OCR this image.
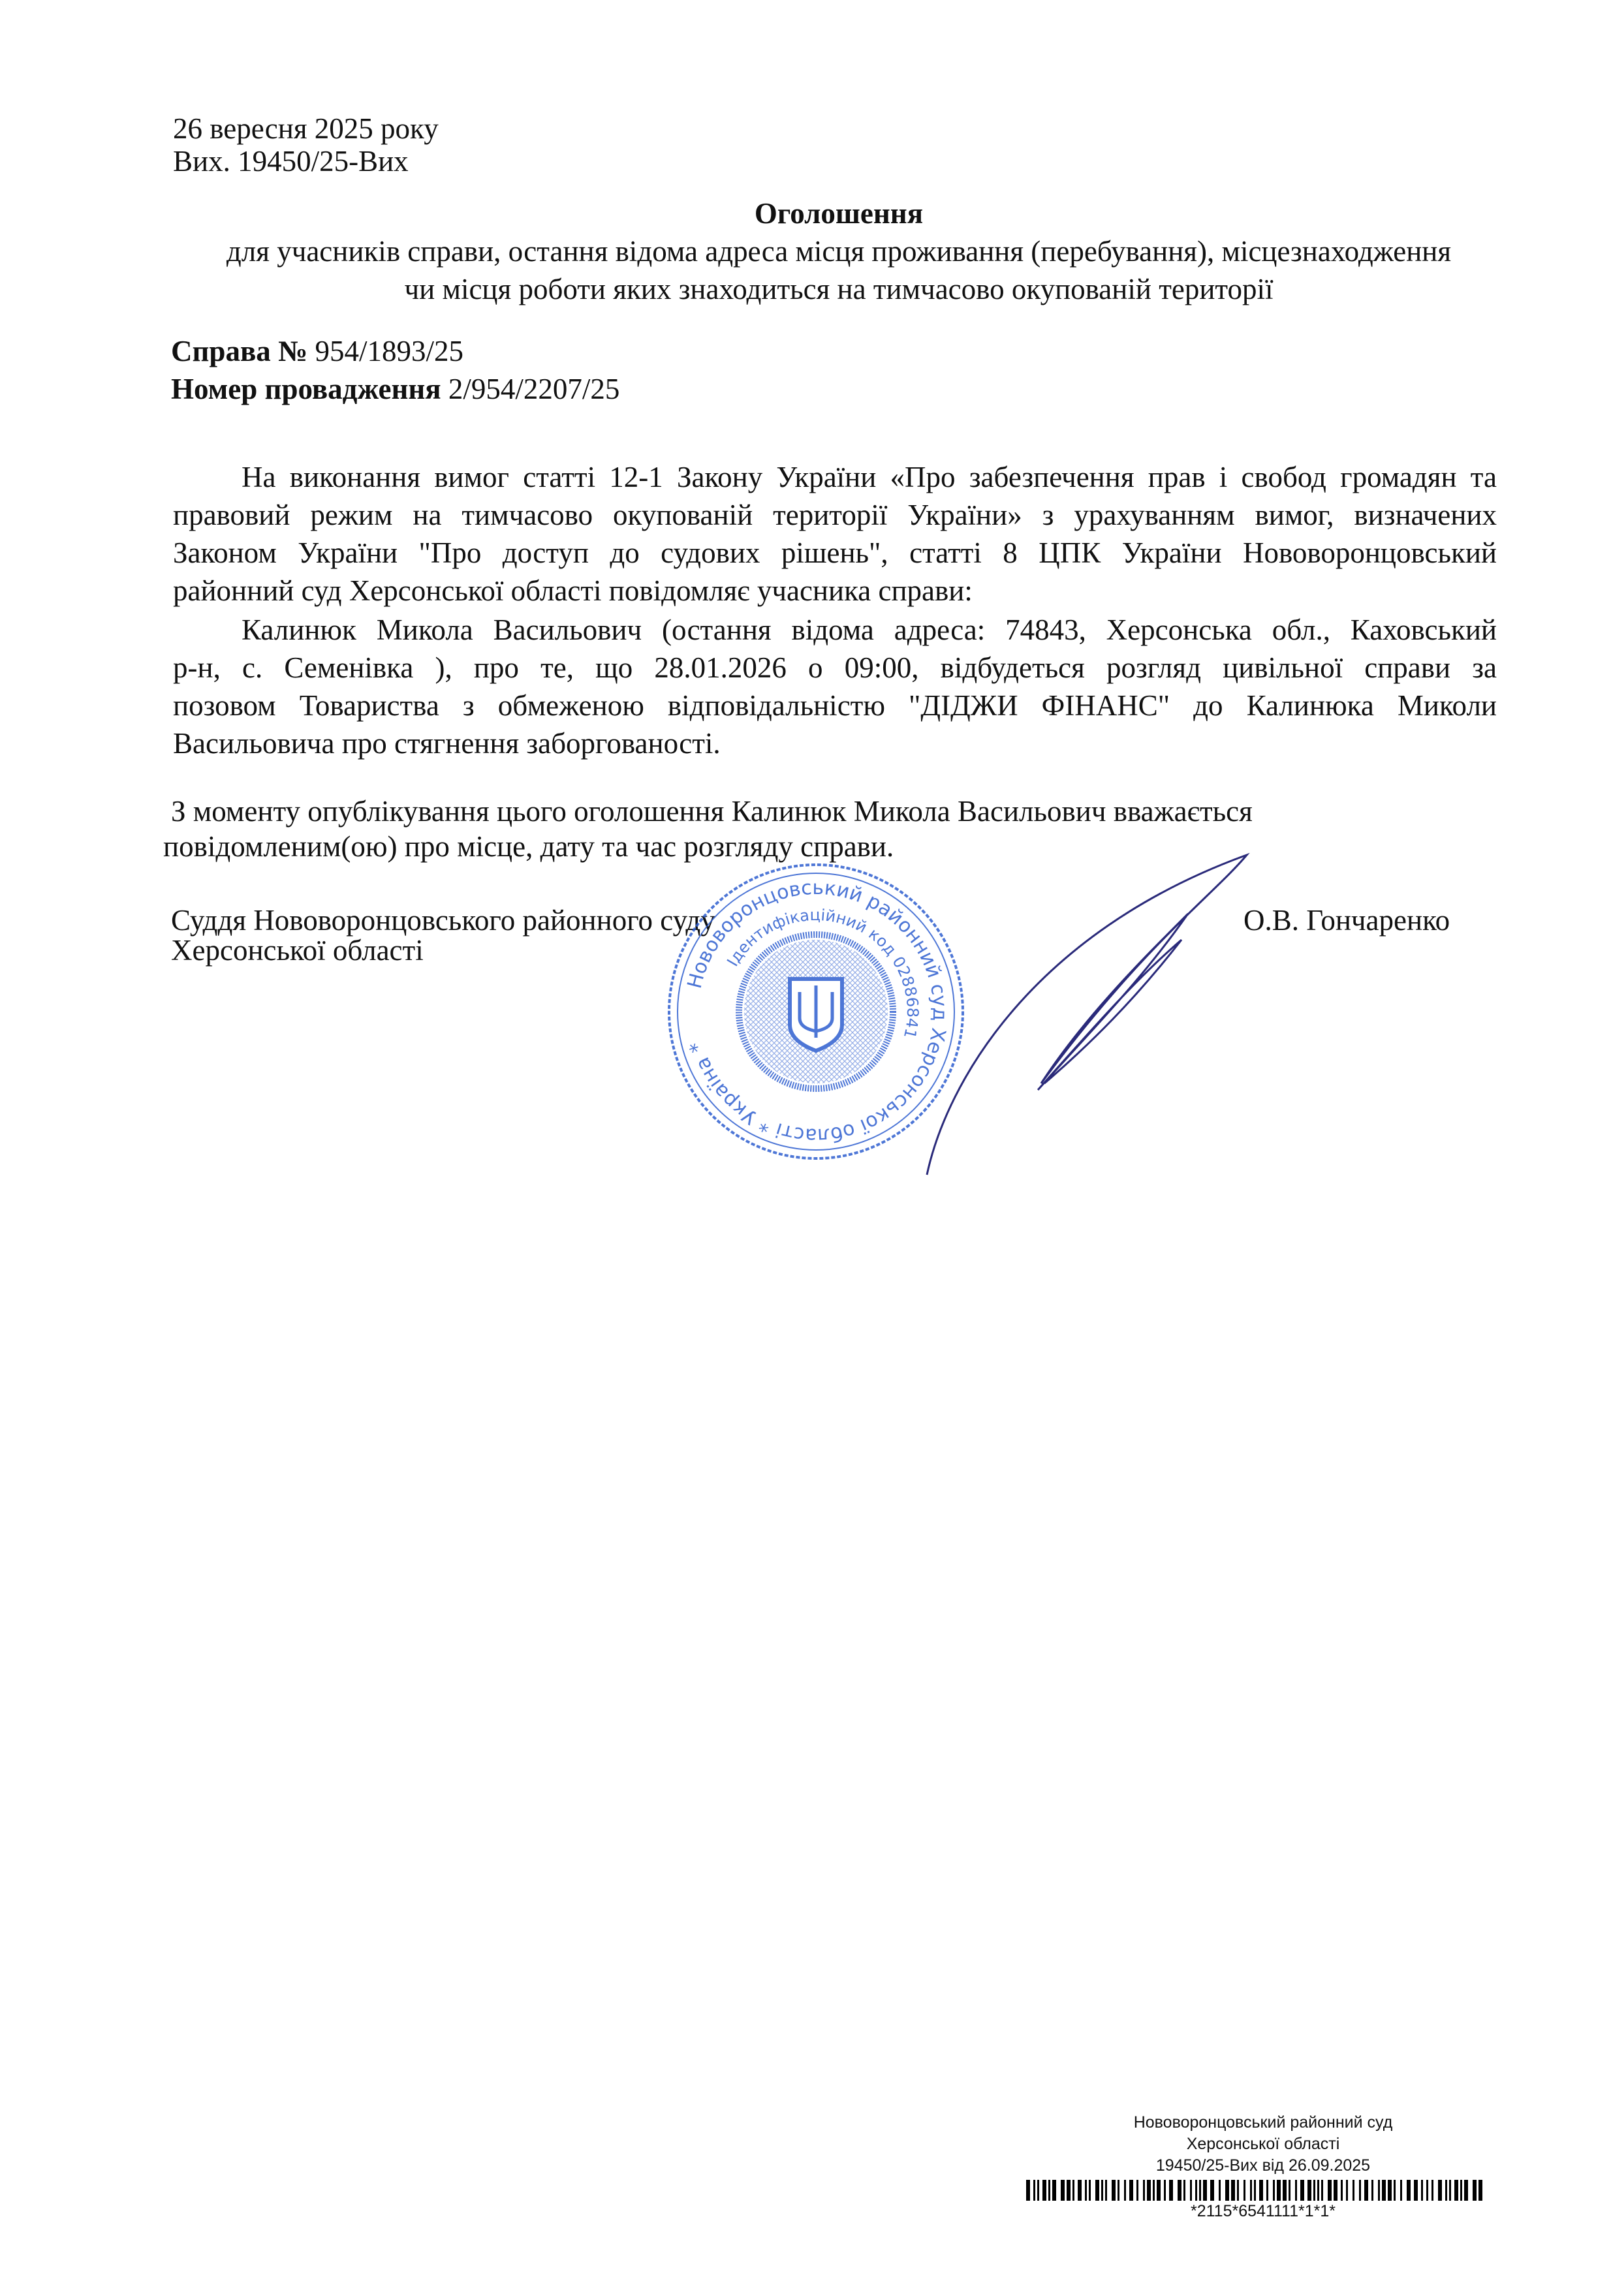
26 вересня 2025 року
Вих. 19450/25-Вих
Оголошення
для учасників справи, остання відома адреса місця проживання (перебування), місцезнаходження
чи місця роботи яких знаходиться на тимчасово окупованій території
Справа № 954/1893/25
Номер провадження 2/954/2207/25
На виконання вимог статті 12-1 Закону України «Про забезпечення прав і свобод громадян та
правовий режим на тимчасово окупованій території України» з урахуванням вимог, визначених
Законом України "Про доступ до судових рішень", статті 8 ЦПК України Нововоронцовський
районний суд Херсонської області повідомляє учасника справи:
Калинюк Микола Васильович (остання відома адреса: 74843, Херсонська обл., Каховський
р-н, с. Семенівка ), про те, що 28.01.2026 о 09:00, відбудеться розгляд цивільної справи за
позовом Товариства з обмеженою відповідальністю "ДІДЖИ ФІНАНС" до Калинюка Миколи
Васильовича про стягнення заборгованості.
З моменту опублікування цього оголошення Калинюк Микола Васильович вважається
повідомленим(ою) про місце, дату та час розгляду справи.
Суддя Нововоронцовського районного суду
Херсонської області
О.В. Гончаренко
Нововоронцовський районний суд Херсонської області * Україна *
Ідентифікаційний код 02886841
Нововоронцовський районний суд
Херсонської області
19450/25-Вих від 26.09.2025
*2115*6541111*1*1*
